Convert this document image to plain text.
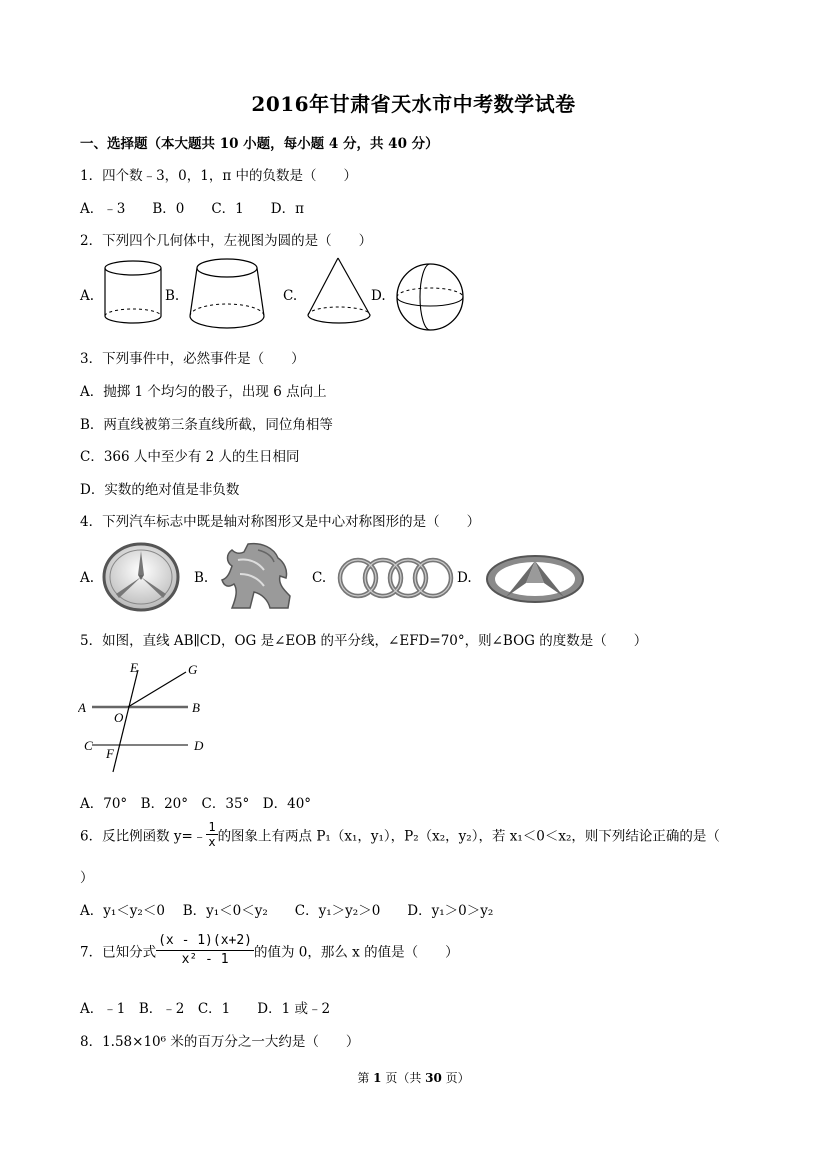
2016年甘肃省天水市中考数学试卷
一、选择题（本大题共 10 小题，每小题 4 分，共 40 分）
1．四个数﹣3，0，1，π 中的负数是（　　）
A．﹣3　　B．0　　C．1　　D．π
2．下列四个几何体中，左视图为圆的是（　　）
A.	B.	C.	D.
3．下列事件中，必然事件是（　　）
A．抛掷 1 个均匀的骰子，出现 6 点向上
B．两直线被第三条直线所截，同位角相等
C．366 人中至少有 2 人的生日相同
D．实数的绝对值是非负数
4．下列汽车标志中既是轴对称图形又是中心对称图形的是（　　）
A.	B.	C.	D.
5．如图，直线 AB∥CD，OG 是∠EOB 的平分线，∠EFD=70°，则∠BOG 的度数是（　　）
E	G
A	B
O
C	D
F
A．70°　B．20°　C．35°　D．40°
6．反比例函数 y=﹣ $\frac{1}{x}$ 的图象上有两点 P₁（x₁，y₁），P₂（x₂，y₂），若 x₁＜0＜x₂，则下列结论正确的是（
）
A．y₁＜y₂＜0　 B．y₁＜0＜y₂　　C．y₁＞y₂＞0　　D．y₁＞0＞y₂
7．已知分式 $\frac{(x - 1)(x+2)}{\text{x² - 1}}$ 的值为 0，那么 x 的值是（　　）
A．﹣1　B．﹣2　C．1　　D．1 或﹣2
8．1.58×10⁶ 米的百万分之一大约是（　　）
第 1 页（共 30 页）
